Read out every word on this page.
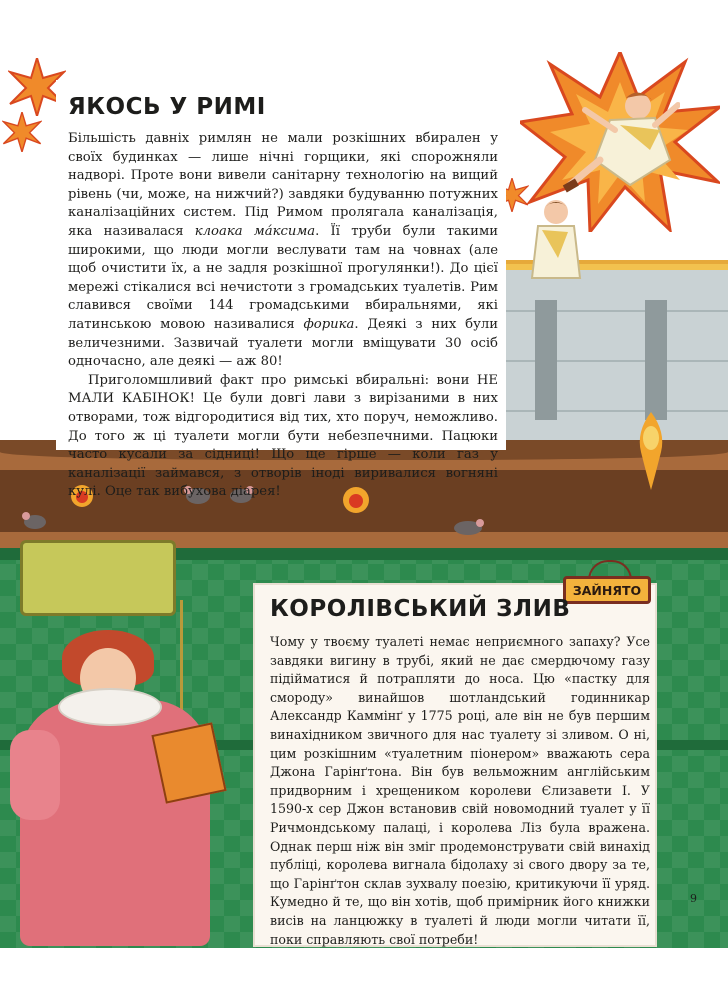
ЯКОСЬ У РИМІ

Більшість давніх римлян не мали розкішних вбирален у своїх будинках — лише нічні горщики, які спорожняли надворі. Проте вони вивели санітарну технологію на вищий рівень (чи, може, на нижчий?) завдяки будуванню потужних каналізаційних систем. Під Римом пролягала каналізація, яка називалася клоака ма́ксима. Її труби були такими широкими, що люди могли веслувати там на човнах (але щоб очистити їх, а не задля розкішної прогулянки!). До цієї мережі стікалися всі нечистоти з громадських туалетів. Рим славився своїми 144 громадськими вбиральнями, які латинською мовою називалися форика. Деякі з них були величезними. Зазвичай туалети могли вміщувати 30 осіб одночасно, але деякі — аж 80!
Приголомшливий факт про римські вбиральні: вони НЕ МАЛИ КАБІНОК! Це були довгі лави з вирізаними в них отворами, тож відгородитися від тих, хто поруч, неможливо. До того ж ці туалети могли бути небезпечними. Пацюки часто кусали за сідниці! Що ще гірше — коли газ у каналізації займався, з отворів іноді виривалися вогняні кулі. Оце так вибухова діарея!

ЗАЙНЯТО
КОРОЛІВСЬКИЙ ЗЛИВ

Чому у твоєму туалеті немає неприємного запаху? Усе завдяки вигину в трубі, який не дає смердючому газу підійматися й потрапляти до носа. Цю «пастку для смороду» винайшов шотландський годинникар Александр Каммінґ у 1775 році, але він не був першим винахідником звичного для нас туалету зі зливом. О ні, цим розкішним «туалетним піонером» вважають сера Джона Гарінґтона. Він був вельможним англійським придворним і хрещеником королеви Єлизавети І. У 1590-х сер Джон встановив свій новомодний туалет у її Ричмондському палаці, і королева Ліз була вражена. Однак перш ніж він зміг продемонструвати свій винахід публіці, королева вигнала бідолаху зі свого двору за те, що Гарінґтон склав зухвалу поезію, критикуючи її уряд. Кумедно й те, що він хотів, щоб примірник його книжки висів на ланцюжку в туалеті й люди могли читати її, поки справляють свої потреби!

9
